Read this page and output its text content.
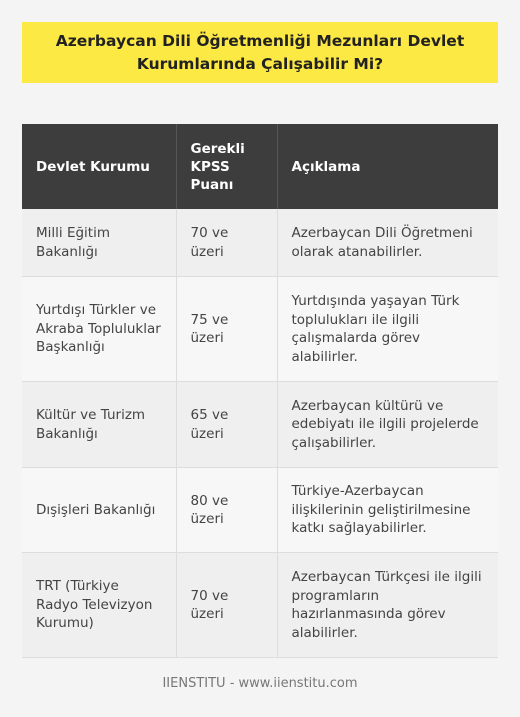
Azerbaycan Dili Öğretmenliği Mezunları Devlet Kurumlarında Çalışabilir Mi?
Devlet Kurumu	Gerekli KPSS Puanı	Açıklama
Milli Eğitim Bakanlığı	70 ve üzeri	Azerbaycan Dili Öğretmeni olarak atanabilirler.
Yurtdışı Türkler ve Akraba Topluluklar Başkanlığı	75 ve üzeri	Yurtdışında yaşayan Türk toplulukları ile ilgili çalışmalarda görev alabilirler.
Kültür ve Turizm Bakanlığı	65 ve üzeri	Azerbaycan kültürü ve edebiyatı ile ilgili projelerde çalışabilirler.
Dışişleri Bakanlığı	80 ve üzeri	Türkiye-Azerbaycan ilişkilerinin geliştirilmesine katkı sağlayabilirler.
TRT (Türkiye Radyo Televizyon Kurumu)	70 ve üzeri	Azerbaycan Türkçesi ile ilgili programların hazırlanmasında görev alabilirler.
IIENSTITU - www.iienstitu.com
